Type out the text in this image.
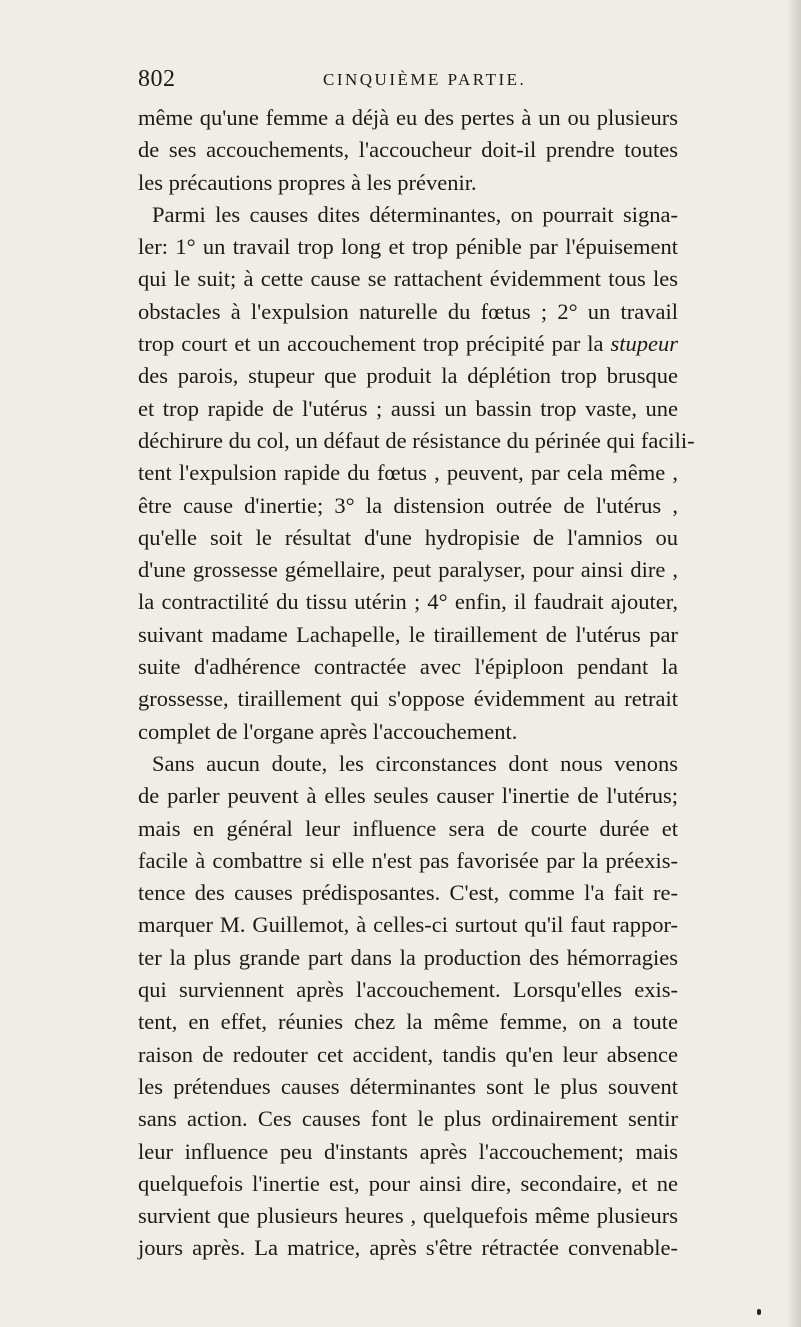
802	CINQUIÈME PARTIE.
même qu'une femme a déjà eu des pertes à un ou plusieurs
de ses accouchements, l'accoucheur doit-il prendre toutes
les précautions propres à les prévenir.
Parmi les causes dites déterminantes, on pourrait signa-
ler: 1° un travail trop long et trop pénible par l'épuisement
qui le suit; à cette cause se rattachent évidemment tous les
obstacles à l'expulsion naturelle du fœtus ; 2° un travail
trop court et un accouchement trop précipité par la stupeur
des parois, stupeur que produit la déplétion trop brusque
et trop rapide de l'utérus ; aussi un bassin trop vaste, une
déchirure du col, un défaut de résistance du périnée qui facili-
tent l'expulsion rapide du fœtus , peuvent, par cela même ,
être cause d'inertie; 3° la distension outrée de l'utérus ,
qu'elle soit le résultat d'une hydropisie de l'amnios ou
d'une grossesse gémellaire, peut paralyser, pour ainsi dire ,
la contractilité du tissu utérin ; 4° enfin, il faudrait ajouter,
suivant madame Lachapelle, le tiraillement de l'utérus par
suite d'adhérence contractée avec l'épiploon pendant la
grossesse, tiraillement qui s'oppose évidemment au retrait
complet de l'organe après l'accouchement.
Sans aucun doute, les circonstances dont nous venons
de parler peuvent à elles seules causer l'inertie de l'utérus;
mais en général leur influence sera de courte durée et
facile à combattre si elle n'est pas favorisée par la préexis-
tence des causes prédisposantes. C'est, comme l'a fait re-
marquer M. Guillemot, à celles-ci surtout qu'il faut rappor-
ter la plus grande part dans la production des hémorragies
qui surviennent après l'accouchement. Lorsqu'elles exis-
tent, en effet, réunies chez la même femme, on a toute
raison de redouter cet accident, tandis qu'en leur absence
les prétendues causes déterminantes sont le plus souvent
sans action. Ces causes font le plus ordinairement sentir
leur influence peu d'instants après l'accouchement; mais
quelquefois l'inertie est, pour ainsi dire, secondaire, et ne
survient que plusieurs heures , quelquefois même plusieurs
jours après. La matrice, après s'être rétractée convenable-
